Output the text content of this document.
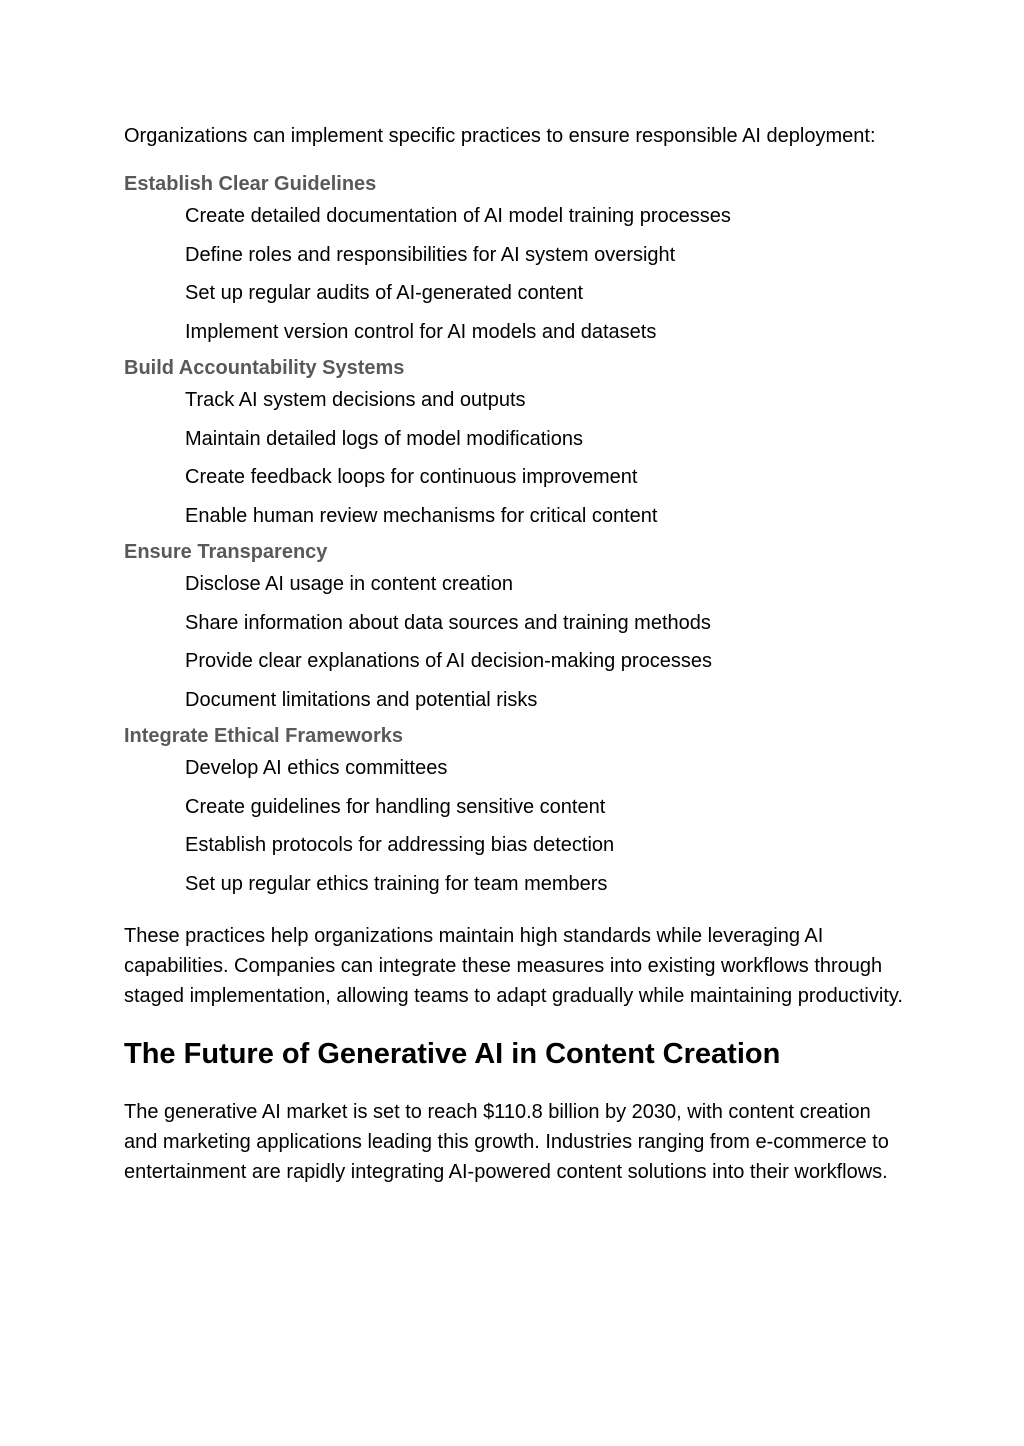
Organizations can implement specific practices to ensure responsible AI deployment:

Establish Clear Guidelines
Create detailed documentation of AI model training processes
Define roles and responsibilities for AI system oversight
Set up regular audits of AI-generated content
Implement version control for AI models and datasets
Build Accountability Systems
Track AI system decisions and outputs
Maintain detailed logs of model modifications
Create feedback loops for continuous improvement
Enable human review mechanisms for critical content
Ensure Transparency
Disclose AI usage in content creation
Share information about data sources and training methods
Provide clear explanations of AI decision-making processes
Document limitations and potential risks
Integrate Ethical Frameworks
Develop AI ethics committees
Create guidelines for handling sensitive content
Establish protocols for addressing bias detection
Set up regular ethics training for team members

These practices help organizations maintain high standards while leveraging AI capabilities. Companies can integrate these measures into existing workflows through staged implementation, allowing teams to adapt gradually while maintaining productivity.

The Future of Generative AI in Content Creation

The generative AI market is set to reach $110.8 billion by 2030, with content creation and marketing applications leading this growth. Industries ranging from e-commerce to entertainment are rapidly integrating AI-powered content solutions into their workflows.
